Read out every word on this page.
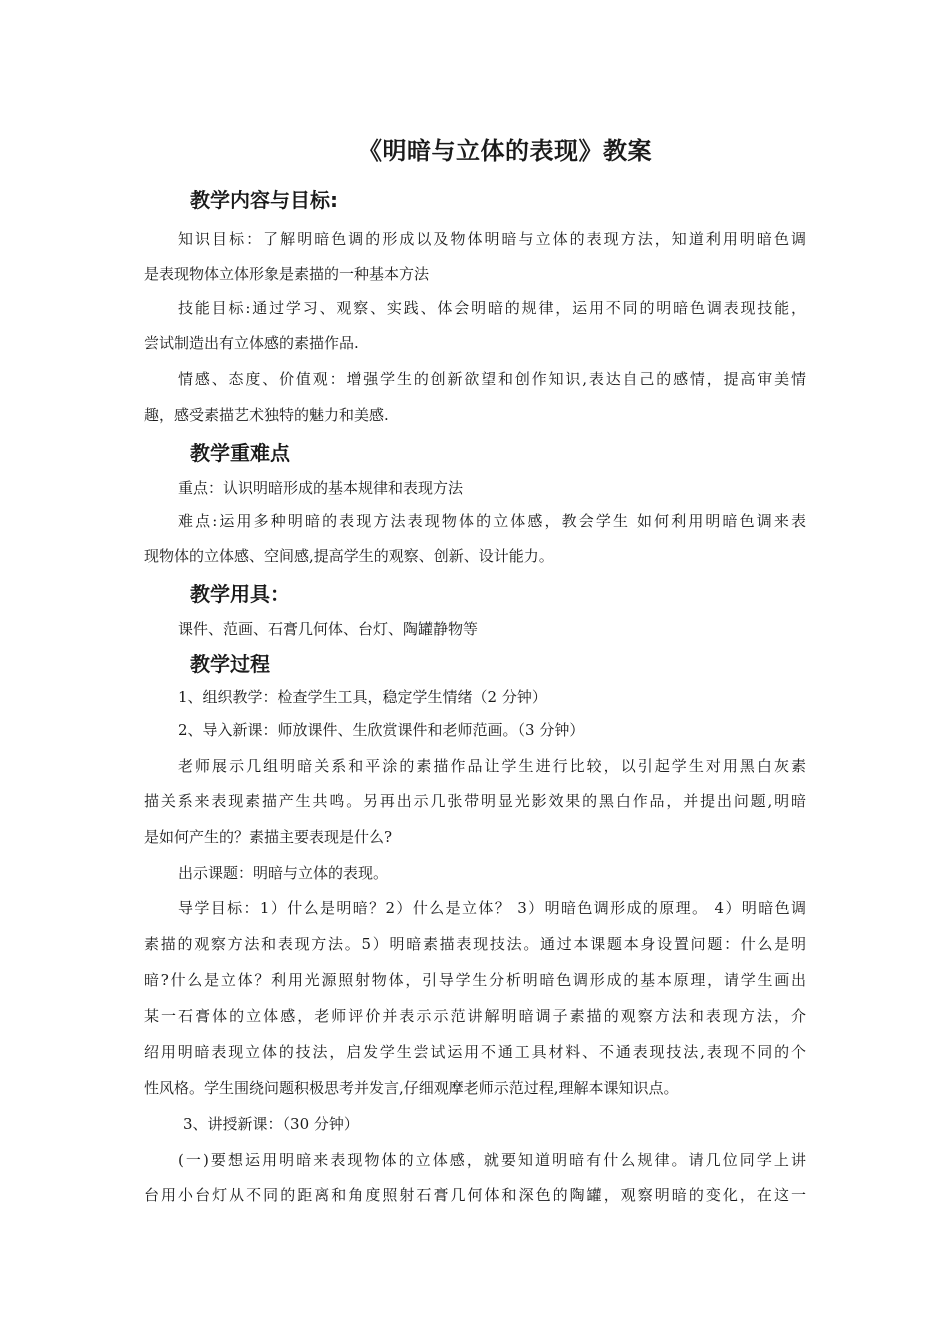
《明暗与立体的表现》教案
教学内容与目标:
知识目标：了解明暗色调的形成以及物体明暗与立体的表现方法，知道利用明暗色调
是表现物体立体形象是素描的一种基本方法
技能目标:通过学习、观察、实践、体会明暗的规律，运用不同的明暗色调表现技能，
尝试制造出有立体感的素描作品.
情感、态度、价值观：增强学生的创新欲望和创作知识,表达自己的感情，提高审美情
趣，感受素描艺术独特的魅力和美感.
教学重难点
重点：认识明暗形成的基本规律和表现方法
难点:运用多种明暗的表现方法表现物体的立体感，教会学生 如何利用明暗色调来表
现物体的立体感、空间感,提高学生的观察、创新、设计能力。
教学用具：
课件、范画、石膏几何体、台灯、陶罐静物等
教学过程
1、组织教学：检查学生工具，稳定学生情绪（2 分钟）
2、导入新课：师放课件、生欣赏课件和老师范画。（3 分钟）
老师展示几组明暗关系和平涂的素描作品让学生进行比较，以引起学生对用黑白灰素
描关系来表现素描产生共鸣。另再出示几张带明显光影效果的黑白作品，并提出问题,明暗
是如何产生的？素描主要表现是什么?
出示课题：明暗与立体的表现。
导学目标：1）什么是明暗？2）什么是立体？ 3）明暗色调形成的原理。 4）明暗色调
素描的观察方法和表现方法。5）明暗素描表现技法。通过本课题本身设置问题：什么是明
暗?什么是立体？利用光源照射物体，引导学生分析明暗色调形成的基本原理，请学生画出
某一石膏体的立体感，老师评价并表示示范讲解明暗调子素描的观察方法和表现方法，介
绍用明暗表现立体的技法，启发学生尝试运用不通工具材料、不通表现技法,表现不同的个
性风格。学生围绕问题积极思考并发言,仔细观摩老师示范过程,理解本课知识点。
3、讲授新课：（30 分钟）
(一)要想运用明暗来表现物体的立体感，就要知道明暗有什么规律。请几位同学上讲
台用小台灯从不同的距离和角度照射石膏几何体和深色的陶罐，观察明暗的变化，在这一
